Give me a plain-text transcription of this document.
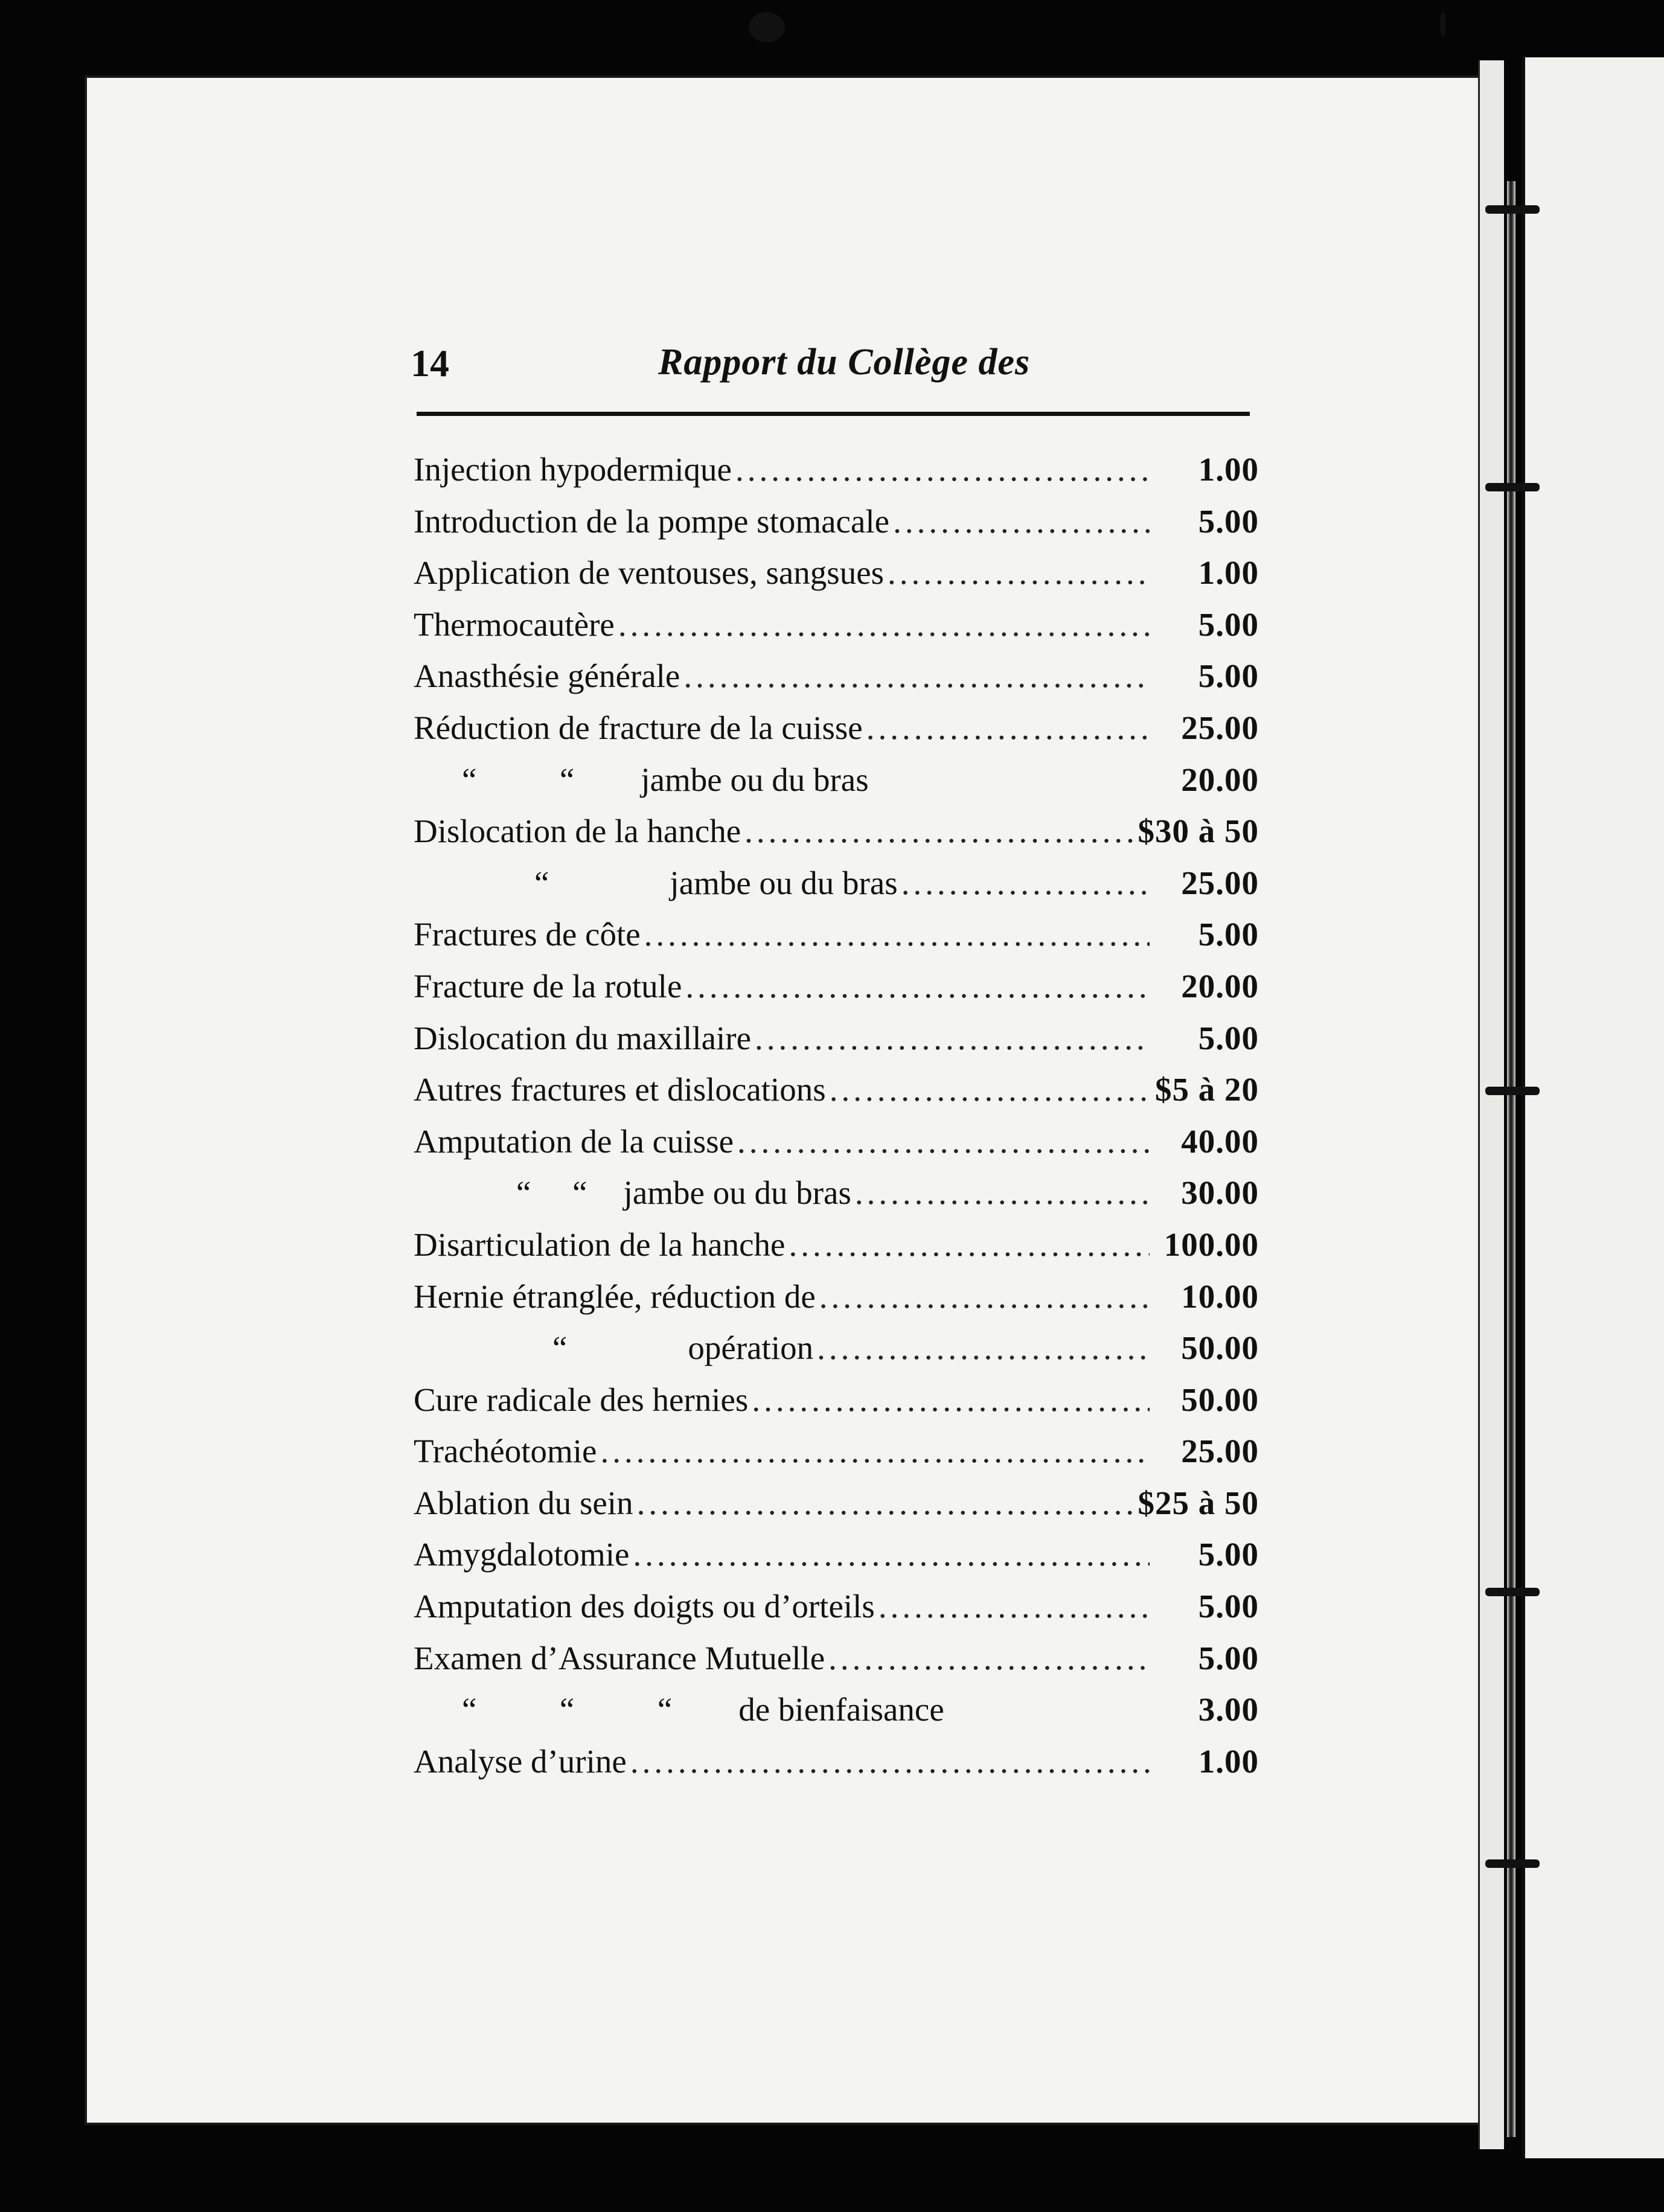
14	Rapport du Collège des
Injection hypodermique .....	1.00
Introduction de la pompe stomacale .....	5.00
Application de ventouses, sangsues .....	1.00
Thermocautère .....	5.00
Anasthésie générale .....	5.00
Réduction de fracture de la cuisse .....	25.00
“          “ jambe ou du bras	20.00
Dislocation de la hanche .....	$30 à 50
“	jambe ou du bras .....	25.00
Fractures de côte .....	5.00
Fracture de la rotule .....	20.00
Dislocation du maxillaire .....	5.00
Autres fractures et dislocations .....	$5 à 20
Amputation de la cuisse .....	40.00
“     “ jambe ou du bras .....	30.00
Disarticulation de la hanche .....	100.00
Hernie étranglée, réduction de .....	10.00
“	opération .....	50.00
Cure radicale des hernies .....	50.00
Trachéotomie .....	25.00
Ablation du sein .....	$25 à 50
Amygdalotomie .....	5.00
Amputation des doigts ou d’orteils .....	5.00
Examen d’Assurance Mutuelle .....	5.00
“          “          “ de bienfaisance	3.00
Analyse d’urine .....	1.00
